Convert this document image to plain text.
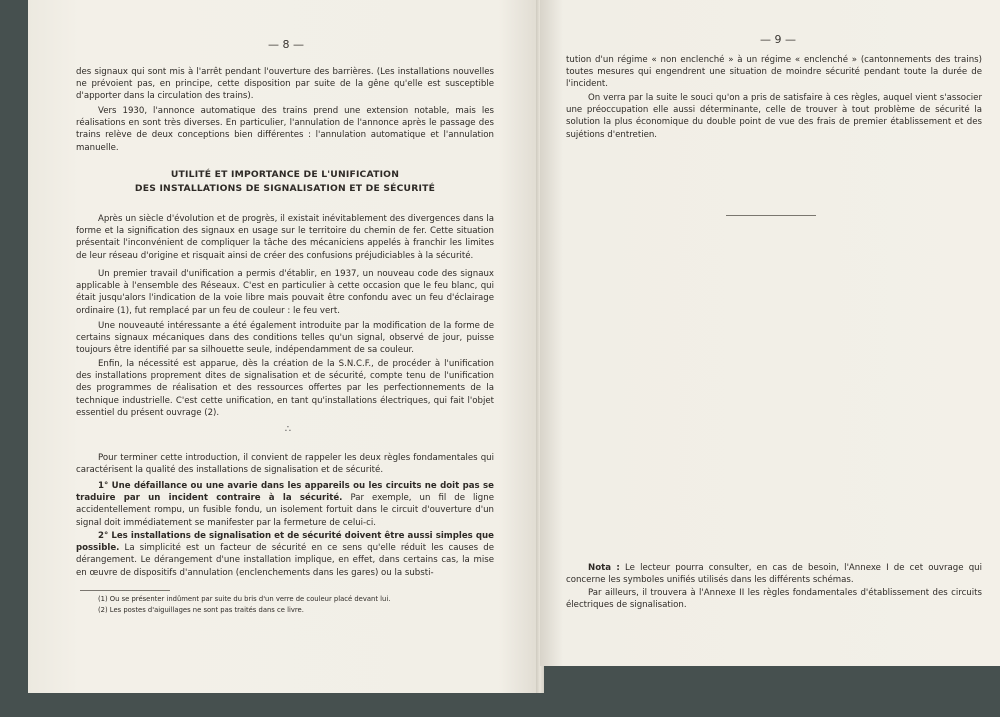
— 8 —

des signaux qui sont mis à l'arrêt pendant l'ouverture des barrières. (Les installations nouvelles ne prévoient pas, en principe, cette disposition par suite de la gêne qu'elle est susceptible d'apporter dans la circulation des trains).

Vers 1930, l'annonce automatique des trains prend une extension notable, mais les réalisations en sont très diverses. En particulier, l'annulation de l'annonce après le passage des trains relève de deux conceptions bien différentes : l'annulation automatique et l'annulation manuelle.

UTILITÉ ET IMPORTANCE DE L'UNIFICATION
DES INSTALLATIONS DE SIGNALISATION ET DE SÉCURITÉ

Après un siècle d'évolution et de progrès, il existait inévitablement des divergences dans la forme et la signification des signaux en usage sur le territoire du chemin de fer. Cette situation présentait l'inconvénient de compliquer la tâche des mécaniciens appelés à franchir les limites de leur réseau d'origine et risquait ainsi de créer des confusions préjudiciables à la sécurité.

Un premier travail d'unification a permis d'établir, en 1937, un nouveau code des signaux applicable à l'ensemble des Réseaux. C'est en particulier à cette occasion que le feu blanc, qui était jusqu'alors l'indication de la voie libre mais pouvait être confondu avec un feu d'éclairage ordinaire (1), fut remplacé par un feu de couleur : le feu vert.

Une nouveauté intéressante a été également introduite par la modification de la forme de certains signaux mécaniques dans des conditions telles qu'un signal, observé de jour, puisse toujours être identifié par sa silhouette seule, indépendamment de sa couleur.

Enfin, la nécessité est apparue, dès la création de la S.N.C.F., de procéder à l'unification des installations proprement dites de signalisation et de sécurité, compte tenu de l'unification des programmes de réalisation et des ressources offertes par les perfectionnements de la technique industrielle. C'est cette unification, en tant qu'installations électriques, qui fait l'objet essentiel du présent ouvrage (2).

∴

Pour terminer cette introduction, il convient de rappeler les deux règles fondamentales qui caractérisent la qualité des installations de signalisation et de sécurité.

1° Une défaillance ou une avarie dans les appareils ou les circuits ne doit pas se traduire par un incident contraire à la sécurité. Par exemple, un fil de ligne accidentellement rompu, un fusible fondu, un isolement fortuit dans le circuit d'ouverture d'un signal doit immédiatement se manifester par la fermeture de celui-ci.

2° Les installations de signalisation et de sécurité doivent être aussi simples que possible. La simplicité est un facteur de sécurité en ce sens qu'elle réduit les causes de dérangement. Le dérangement d'une installation implique, en effet, dans certains cas, la mise en œuvre de dispositifs d'annulation (enclenchements dans les gares) ou la substi-

(1) Ou se présenter indûment par suite du bris d'un verre de couleur placé devant lui.
(2) Les postes d'aiguillages ne sont pas traités dans ce livre.
— 9 —

tution d'un régime « non enclenché » à un régime « enclenché » (cantonnements des trains) toutes mesures qui engendrent une situation de moindre sécurité pendant toute la durée de l'incident.

On verra par la suite le souci qu'on a pris de satisfaire à ces règles, auquel vient s'associer une préoccupation elle aussi déterminante, celle de trouver à tout problème de sécurité la solution la plus économique du double point de vue des frais de premier établissement et des sujétions d'entretien.

Nota : Le lecteur pourra consulter, en cas de besoin, l'Annexe I de cet ouvrage qui concerne les symboles unifiés utilisés dans les différents schémas.

Par ailleurs, il trouvera à l'Annexe II les règles fondamentales d'établissement des circuits électriques de signalisation.
